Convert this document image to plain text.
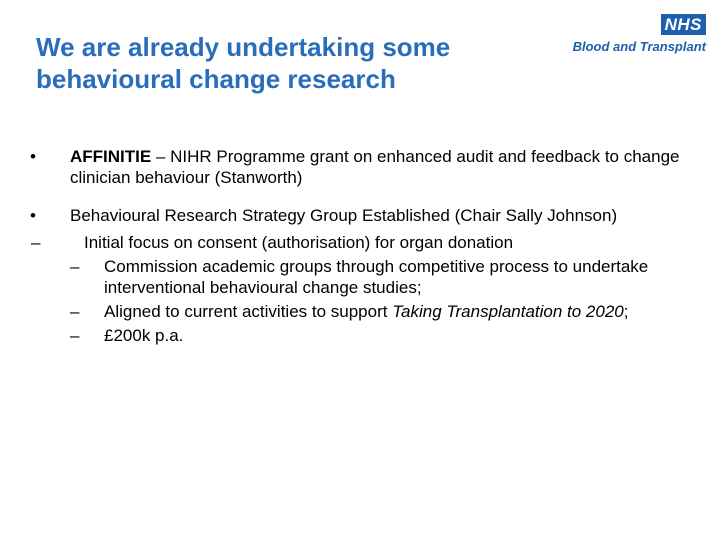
We are already undertaking some
behavioural change research
NHS
Blood and Transplant
•	AFFINITIE – NIHR Programme grant on enhanced audit and feedback to change clinician behaviour (Stanworth)
•	Behavioural Research Strategy Group Established (Chair Sally Johnson)
–	Initial focus on consent (authorisation) for organ donation
–	Commission academic groups through competitive process to undertake interventional behavioural change studies;
–	Aligned to current activities to support Taking Transplantation to 2020;
–	£200k p.a.
